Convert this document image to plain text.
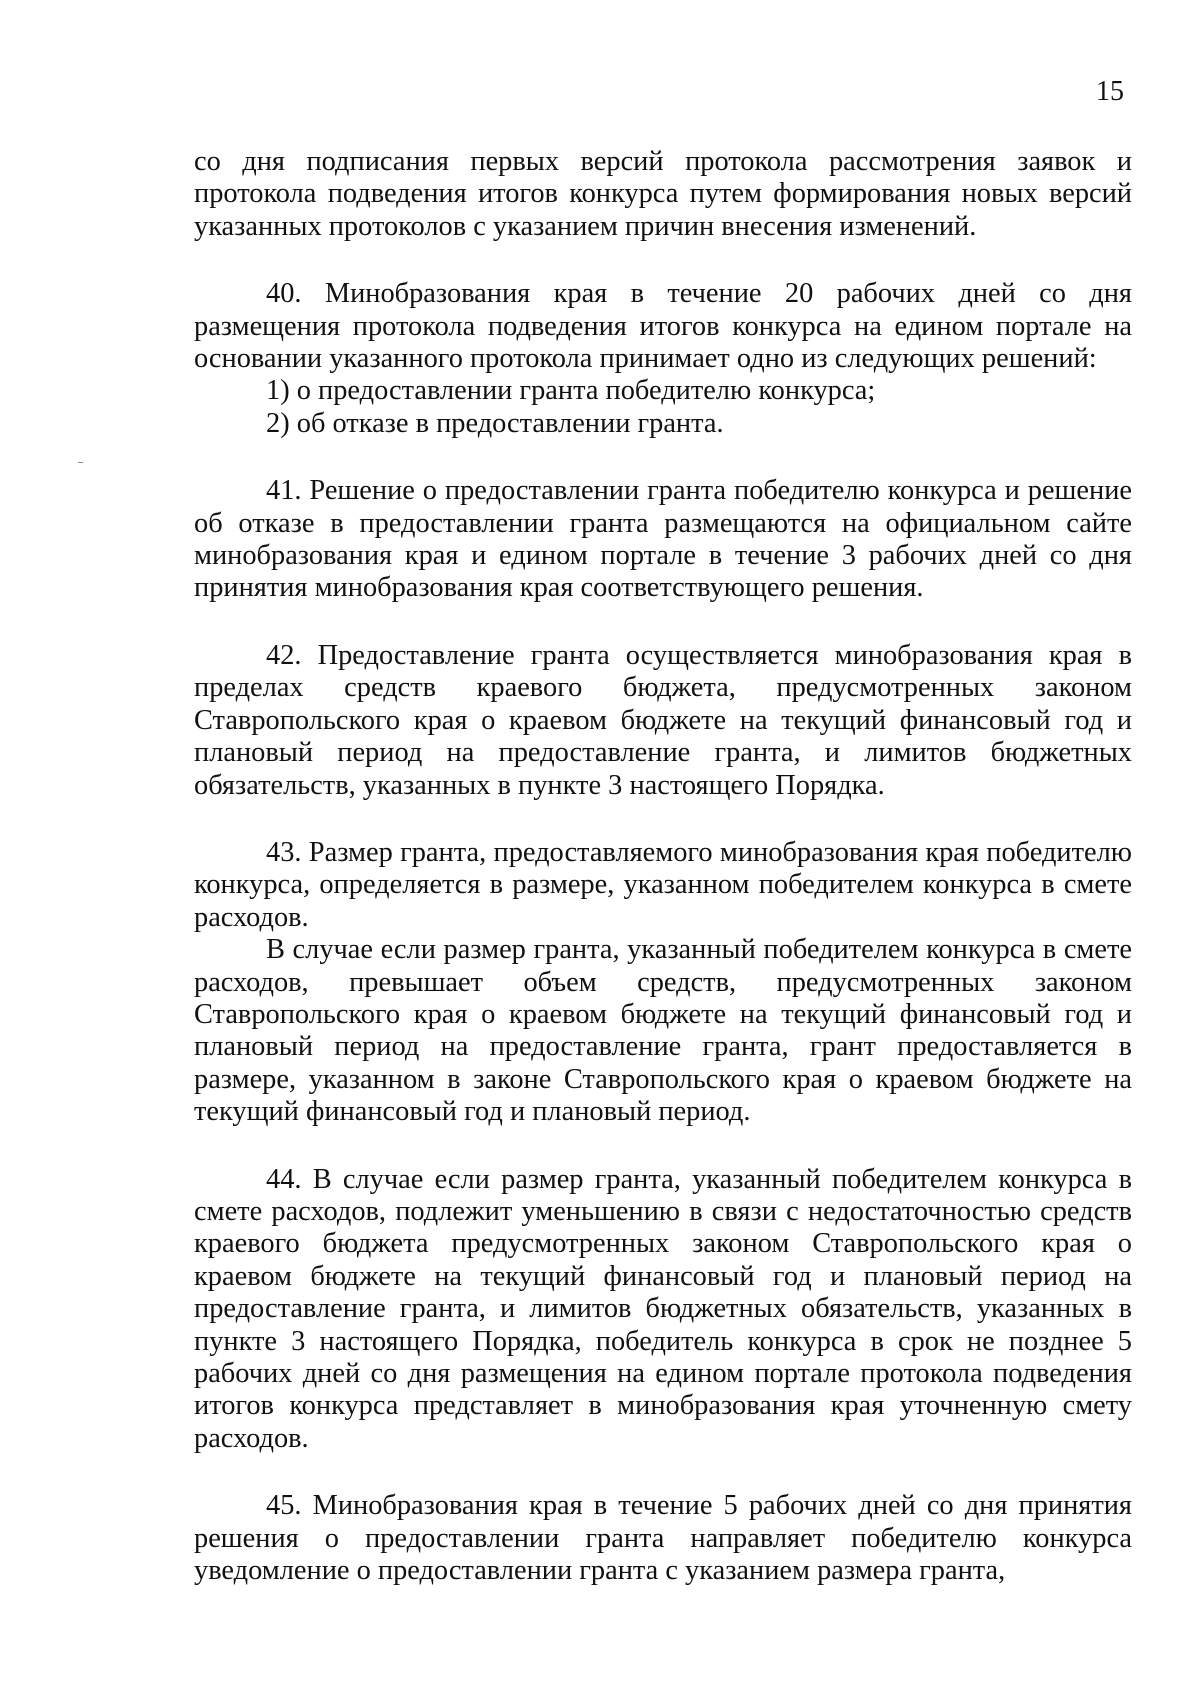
15

со дня подписания первых версий протокола рассмотрения заявок и протокола подведения итогов конкурса путем формирования новых версий указанных протоколов с указанием причин внесения изменений.

40. Минобразования края в течение 20 рабочих дней со дня размещения протокола подведения итогов конкурса на едином портале на основании указанного протокола принимает одно из следующих решений:

1) о предоставлении гранта победителю конкурса;

2) об отказе в предоставлении гранта.

41. Решение о предоставлении гранта победителю конкурса и решение об отказе в предоставлении гранта размещаются на официальном сайте минобразования края и едином портале в течение 3 рабочих дней со дня принятия минобразования края соответствующего решения.

42. Предоставление гранта осуществляется минобразования края в пределах средств краевого бюджета, предусмотренных законом Ставропольского края о краевом бюджете на текущий финансовый год и плановый период на предоставление гранта, и лимитов бюджетных обязательств, указанных в пункте 3 настоящего Порядка.

43. Размер гранта, предоставляемого минобразования края победителю конкурса, определяется в размере, указанном победителем конкурса в смете расходов.

В случае если размер гранта, указанный победителем конкурса в смете расходов, превышает объем средств, предусмотренных законом Ставропольского края о краевом бюджете на текущий финансовый год и плановый период на предоставление гранта, грант предоставляется в размере, указанном в законе Ставропольского края о краевом бюджете на текущий финансовый год и плановый период.

44. В случае если размер гранта, указанный победителем конкурса в смете расходов, подлежит уменьшению в связи с недостаточностью средств краевого бюджета предусмотренных законом Ставропольского края о краевом бюджете на текущий финансовый год и плановый период на предоставление гранта, и лимитов бюджетных обязательств, указанных в пункте 3 настоящего Порядка, победитель конкурса в срок не позднее 5 рабочих дней со дня размещения на едином портале протокола подведения итогов конкурса представляет в минобразования края уточненную смету расходов.

45. Минобразования края в течение 5 рабочих дней со дня принятия решения о предоставлении гранта направляет победителю конкурса уведомление о предоставлении гранта с указанием размера гранта,
